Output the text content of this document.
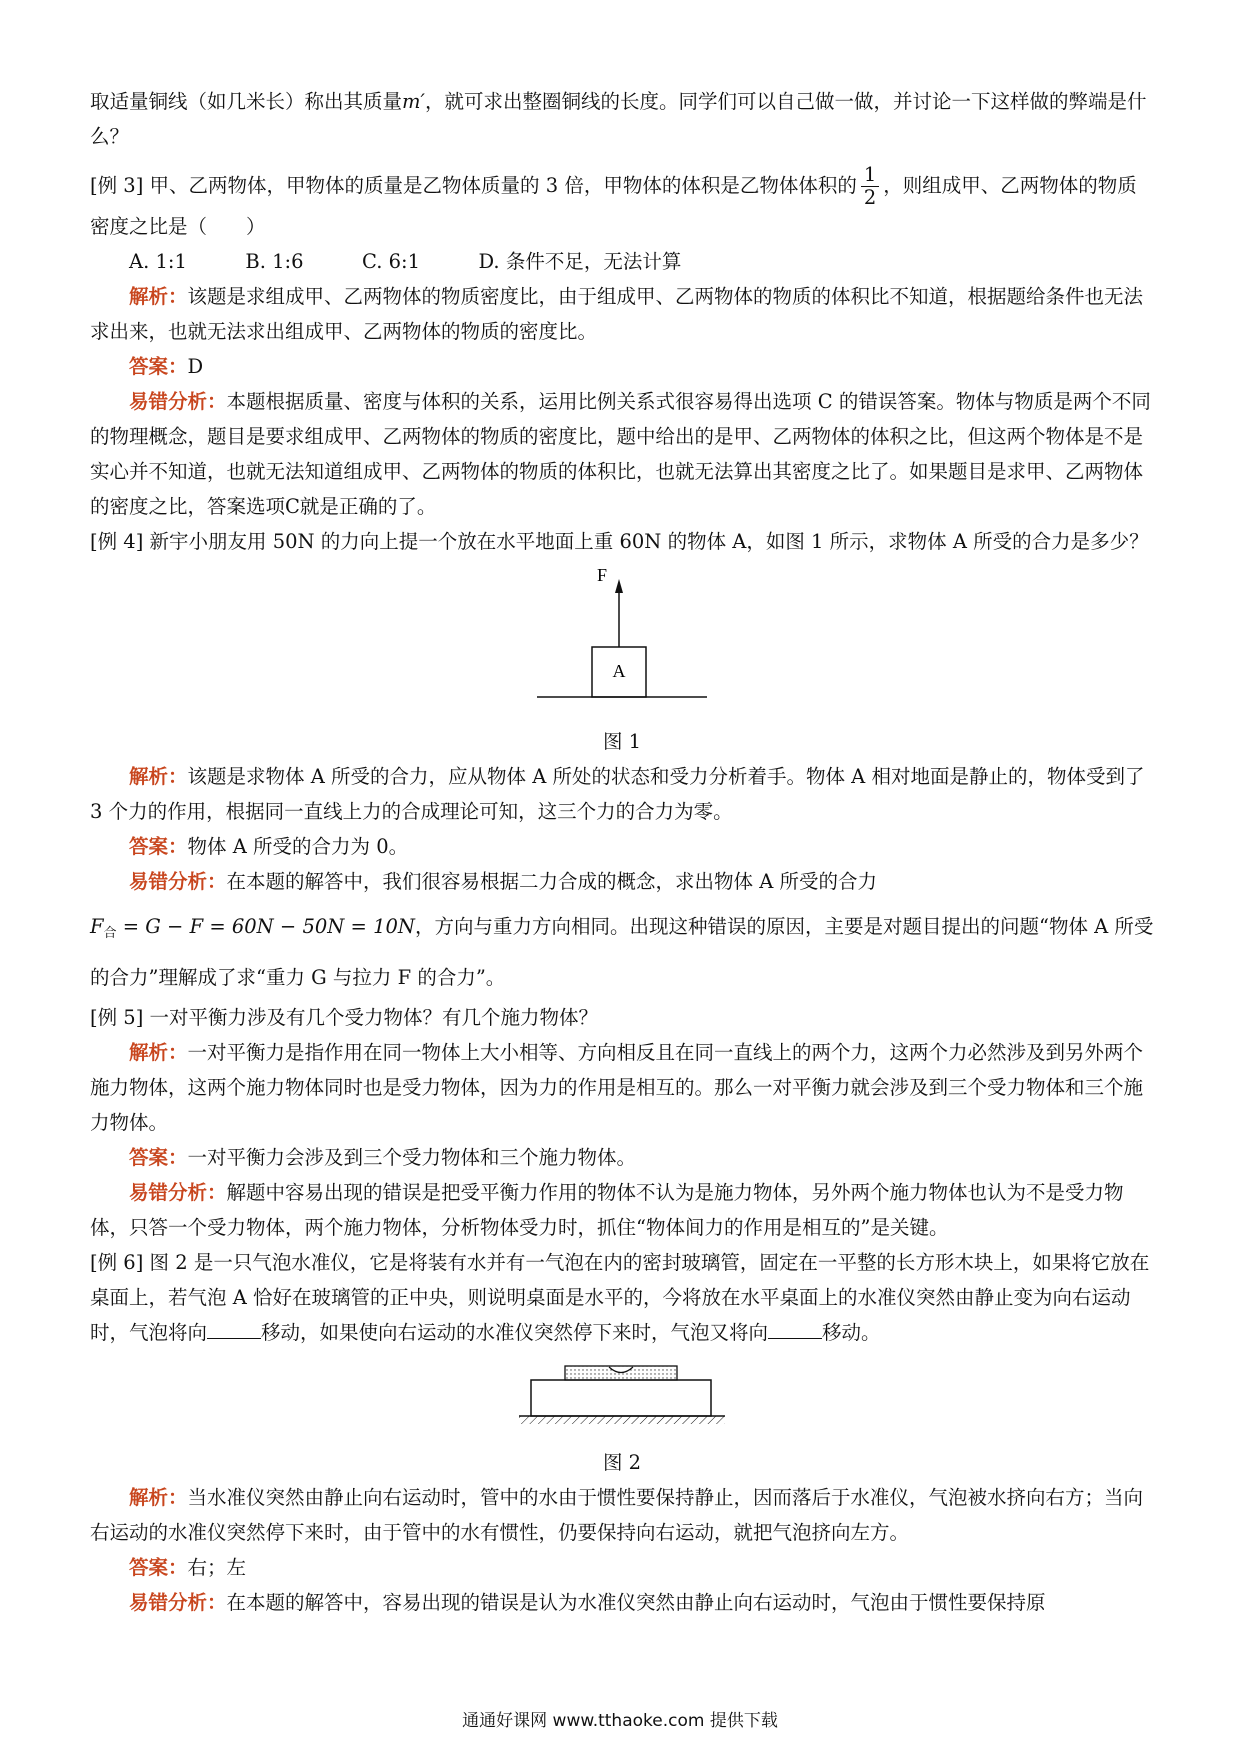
取适量铜线（如几米长）称出其质量m′，就可求出整圈铜线的长度。同学们可以自己做一做，并讨论一下这样做的弊端是什么？

[例 3] 甲、乙两物体，甲物体的质量是乙物体质量的 3 倍，甲物体的体积是乙物体体积的 $\frac{1}{2}$ ，则组成甲、乙两物体的物质密度之比是（　　）

A. 1:1　　　B. 1:6　　　C. 6:1　　　D. 条件不足，无法计算

解析：该题是求组成甲、乙两物体的物质密度比，由于组成甲、乙两物体的物质的体积比不知道，根据题给条件也无法求出来，也就无法求出组成甲、乙两物体的物质的密度比。

答案：D

易错分析：本题根据质量、密度与体积的关系，运用比例关系式很容易得出选项 C 的错误答案。物体与物质是两个不同的物理概念，题目是要求组成甲、乙两物体的物质的密度比，题中给出的是甲、乙两物体的体积之比，但这两个物体是不是实心并不知道，也就无法知道组成甲、乙两物体的物质的体积比，也就无法算出其密度之比了。如果题目是求甲、乙两物体的密度之比，答案选项C就是正确的了。

[例 4] 新宇小朋友用 50N 的力向上提一个放在水平地面上重 60N 的物体 A，如图 1 所示，求物体 A 所受的合力是多少？

A
F
图 1

解析：该题是求物体 A 所受的合力，应从物体 A 所处的状态和受力分析着手。物体 A 相对地面是静止的，物体受到了 3 个力的作用，根据同一直线上力的合成理论可知，这三个力的合力为零。

答案：物体 A 所受的合力为 0。

易错分析：在本题的解答中，我们很容易根据二力合成的概念，求出物体 A 所受的合力

$F_合 = G - F = 60N - 50N = 10N$，方向与重力方向相同。出现这种错误的原因，主要是对题目提出的问题“物体 A 所受的合力”理解成了求“重力 G 与拉力 F 的合力”。

[例 5] 一对平衡力涉及有几个受力物体？有几个施力物体？

解析：一对平衡力是指作用在同一物体上大小相等、方向相反且在同一直线上的两个力，这两个力必然涉及到另外两个施力物体，这两个施力物体同时也是受力物体，因为力的作用是相互的。那么一对平衡力就会涉及到三个受力物体和三个施力物体。

答案：一对平衡力会涉及到三个受力物体和三个施力物体。

易错分析：解题中容易出现的错误是把受平衡力作用的物体不认为是施力物体，另外两个施力物体也认为不是受力物体，只答一个受力物体，两个施力物体，分析物体受力时，抓住“物体间力的作用是相互的”是关键。

[例 6] 图 2 是一只气泡水准仪，它是将装有水并有一气泡在内的密封玻璃管，固定在一平整的长方形木块上，如果将它放在桌面上，若气泡 A 恰好在玻璃管的正中央，则说明桌面是水平的，今将放在水平桌面上的水准仪突然由静止变为向右运动时，气泡将向	移动，如果使向右运动的水准仪突然停下来时，气泡又将向	移动。

图 2

解析：当水准仪突然由静止向右运动时，管中的水由于惯性要保持静止，因而落后于水准仪，气泡被水挤向右方；当向右运动的水准仪突然停下来时，由于管中的水有惯性，仍要保持向右运动，就把气泡挤向左方。

答案：右；左

易错分析：在本题的解答中，容易出现的错误是认为水准仪突然由静止向右运动时，气泡由于惯性要保持原

通通好课网 www.tthaoke.com 提供下载
